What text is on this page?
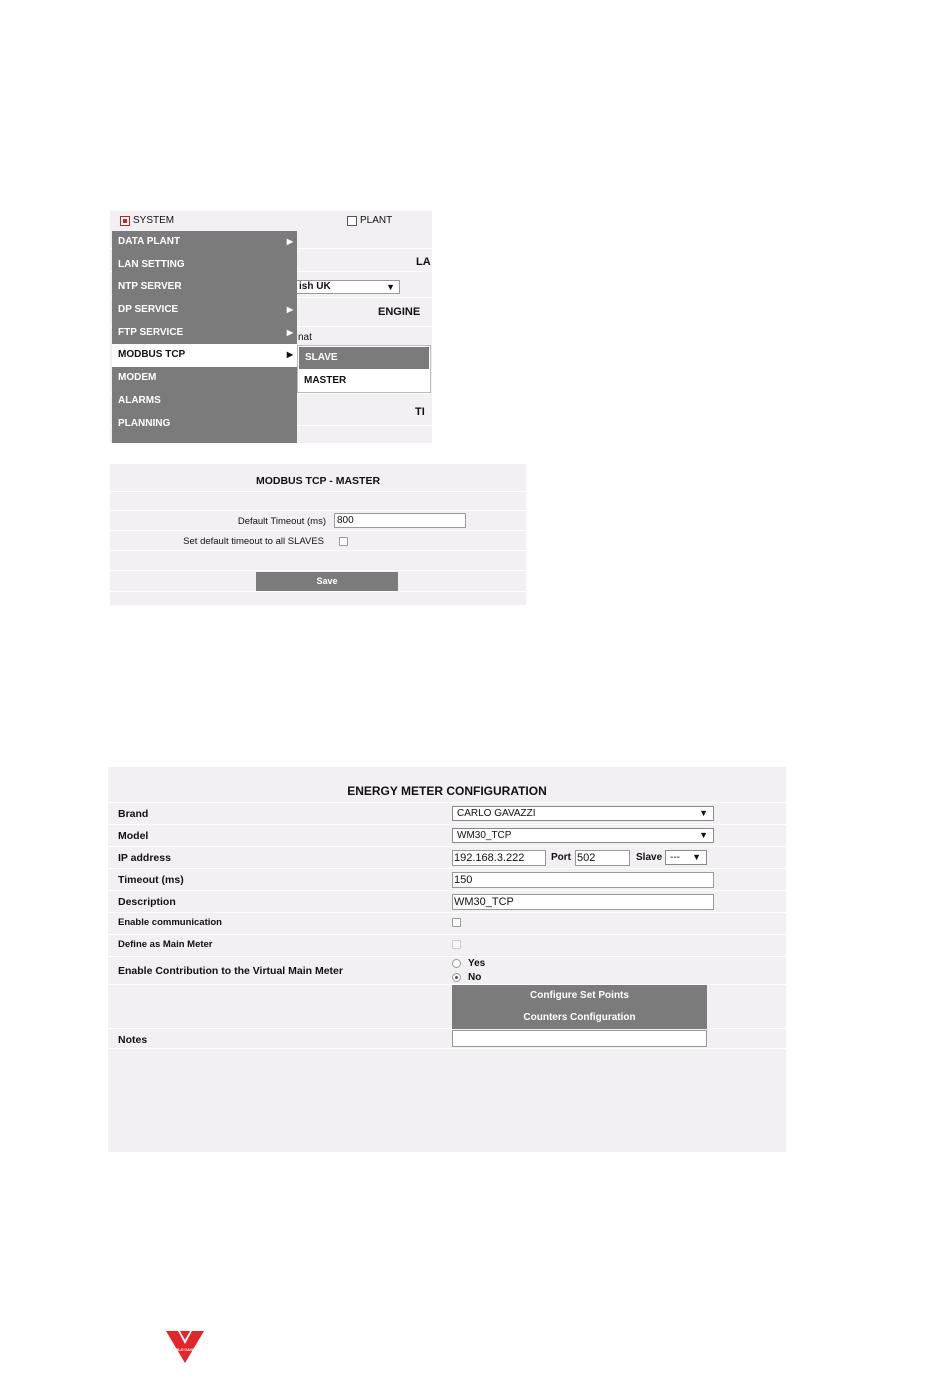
SYSTEM	PLANT
LA
ish UK	▼
ENGINE
nat
TI
DATA PLANT	▶
LAN SETTING
NTP SERVER
DP SERVICE	▶
FTP SERVICE	▶
MODBUS TCP	▶
MODEM
ALARMS
PLANNING
SLAVE
MASTER
MODBUS TCP - MASTER
Default Timeout (ms)	800
Set default timeout to all SLAVES
Save
ENERGY METER CONFIGURATION
Brand	CARLO GAVAZZI	▼
Model	WM30_TCP	▼
IP address	192.168.3.222	Port 502	Slave --- ▼
Timeout (ms)	150
Description	WM30_TCP
Enable communication
Define as Main Meter
Enable Contribution to the Virtual Main Meter
Yes
No
Configure Set Points
Counters Configuration
Notes
CARLO GAVAZZI
